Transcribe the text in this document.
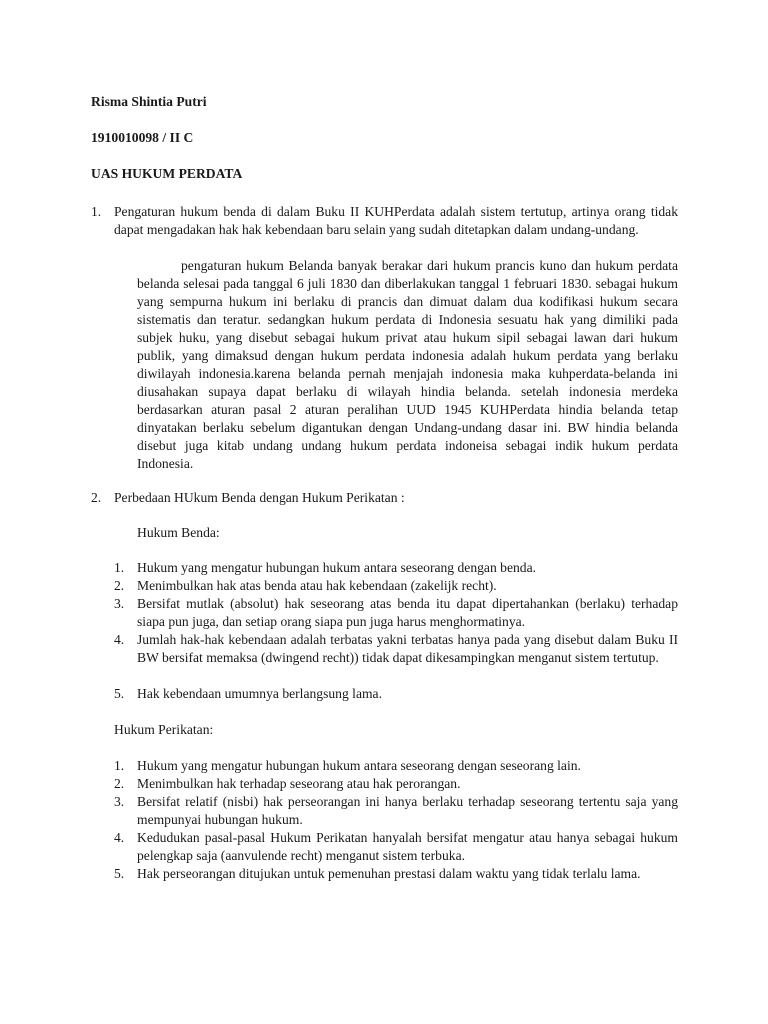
Risma Shintia Putri

1910010098 / II C

UAS HUKUM PERDATA

1. Pengaturan hukum benda di dalam Buku II KUHPerdata adalah sistem tertutup, artinya orang tidak dapat mengadakan hak hak kebendaan baru selain yang sudah ditetapkan dalam undang-undang.
pengaturan hukum Belanda banyak berakar dari hukum prancis kuno dan hukum perdata belanda selesai pada tanggal 6 juli 1830 dan diberlakukan tanggal 1 februari 1830. sebagai hukum yang sempurna hukum ini berlaku di prancis dan dimuat dalam dua kodifikasi hukum secara sistematis dan teratur. sedangkan hukum perdata di Indonesia sesuatu hak yang dimiliki pada subjek huku, yang disebut sebagai hukum privat atau hukum sipil sebagai lawan dari hukum publik, yang dimaksud dengan hukum perdata indonesia adalah hukum perdata yang berlaku diwilayah indonesia.karena belanda pernah menjajah indonesia maka kuhperdata-belanda ini diusahakan supaya dapat berlaku di wilayah hindia belanda. setelah indonesia merdeka berdasarkan aturan pasal 2 aturan peralihan UUD 1945 KUHPerdata hindia belanda tetap dinyatakan berlaku sebelum digantukan dengan Undang-undang dasar ini. BW hindia belanda disebut juga kitab undang undang hukum perdata indoneisa sebagai indik hukum perdata Indonesia.
2. Perbedaan HUkum Benda dengan Hukum Perikatan :
Hukum Benda:
1. Hukum yang mengatur hubungan hukum antara seseorang dengan benda.
2. Menimbulkan hak atas benda atau hak kebendaan (zakelijk recht).
3. Bersifat mutlak (absolut) hak seseorang atas benda itu dapat dipertahankan (berlaku) terhadap siapa pun juga, dan setiap orang siapa pun juga harus menghormatinya.
4. Jumlah hak-hak kebendaan adalah terbatas yakni terbatas hanya pada yang disebut dalam Buku II BW bersifat memaksa (dwingend recht)) tidak dapat dikesampingkan menganut sistem tertutup.
5. Hak kebendaan umumnya berlangsung lama.
Hukum Perikatan:
1. Hukum yang mengatur hubungan hukum antara seseorang dengan seseorang lain.
2. Menimbulkan hak terhadap seseorang atau hak perorangan.
3. Bersifat relatif (nisbi) hak perseorangan ini hanya berlaku terhadap seseorang tertentu saja yang mempunyai hubungan hukum.
4. Kedudukan pasal-pasal Hukum Perikatan hanyalah bersifat mengatur atau hanya sebagai hukum pelengkap saja (aanvulende recht) menganut sistem terbuka.
5. Hak perseorangan ditujukan untuk pemenuhan prestasi dalam waktu yang tidak terlalu lama.
